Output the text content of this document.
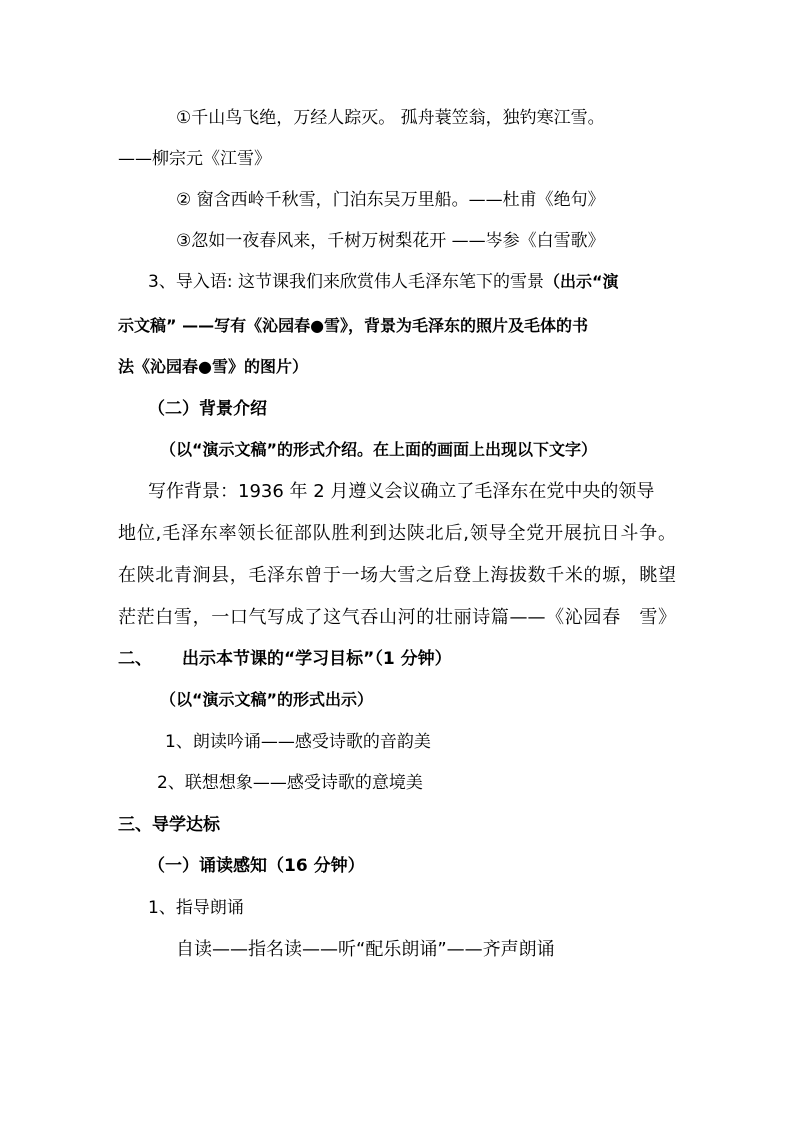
①千山鸟飞绝，万经人踪灭。 孤舟蓑笠翁，独钓寒江雪。
——柳宗元《江雪》
② 窗含西岭千秋雪，门泊东吴万里船。——杜甫《绝句》
③忽如一夜春风来，千树万树梨花开 ——岑参《白雪歌》
3、导入语: 这节课我们来欣赏伟人毛泽东笔下的雪景（出示“演
示文稿” ——写有《沁园春●雪》，背景为毛泽东的照片及毛体的书
法《沁园春●雪》的图片）
（二）背景介绍
（以“演示文稿”的形式介绍。在上面的画面上出现以下文字）
写作背景：1936 年 2 月遵义会议确立了毛泽东在党中央的领导
地位,毛泽东率领长征部队胜利到达陕北后,领导全党开展抗日斗争。
在陕北青涧县，毛泽东曾于一场大雪之后登上海拔数千米的塬，眺望
茫茫白雪，一口气写成了这气吞山河的壮丽诗篇——《沁园春　雪》
二、 出示本节课的“学习目标”（1 分钟）
（以“演示文稿”的形式出示）
1、朗读吟诵——感受诗歌的音韵美
2、联想想象——感受诗歌的意境美
三、导学达标
（一）诵读感知（16 分钟）
1、指导朗诵
自读——指名读——听“配乐朗诵”——齐声朗诵
